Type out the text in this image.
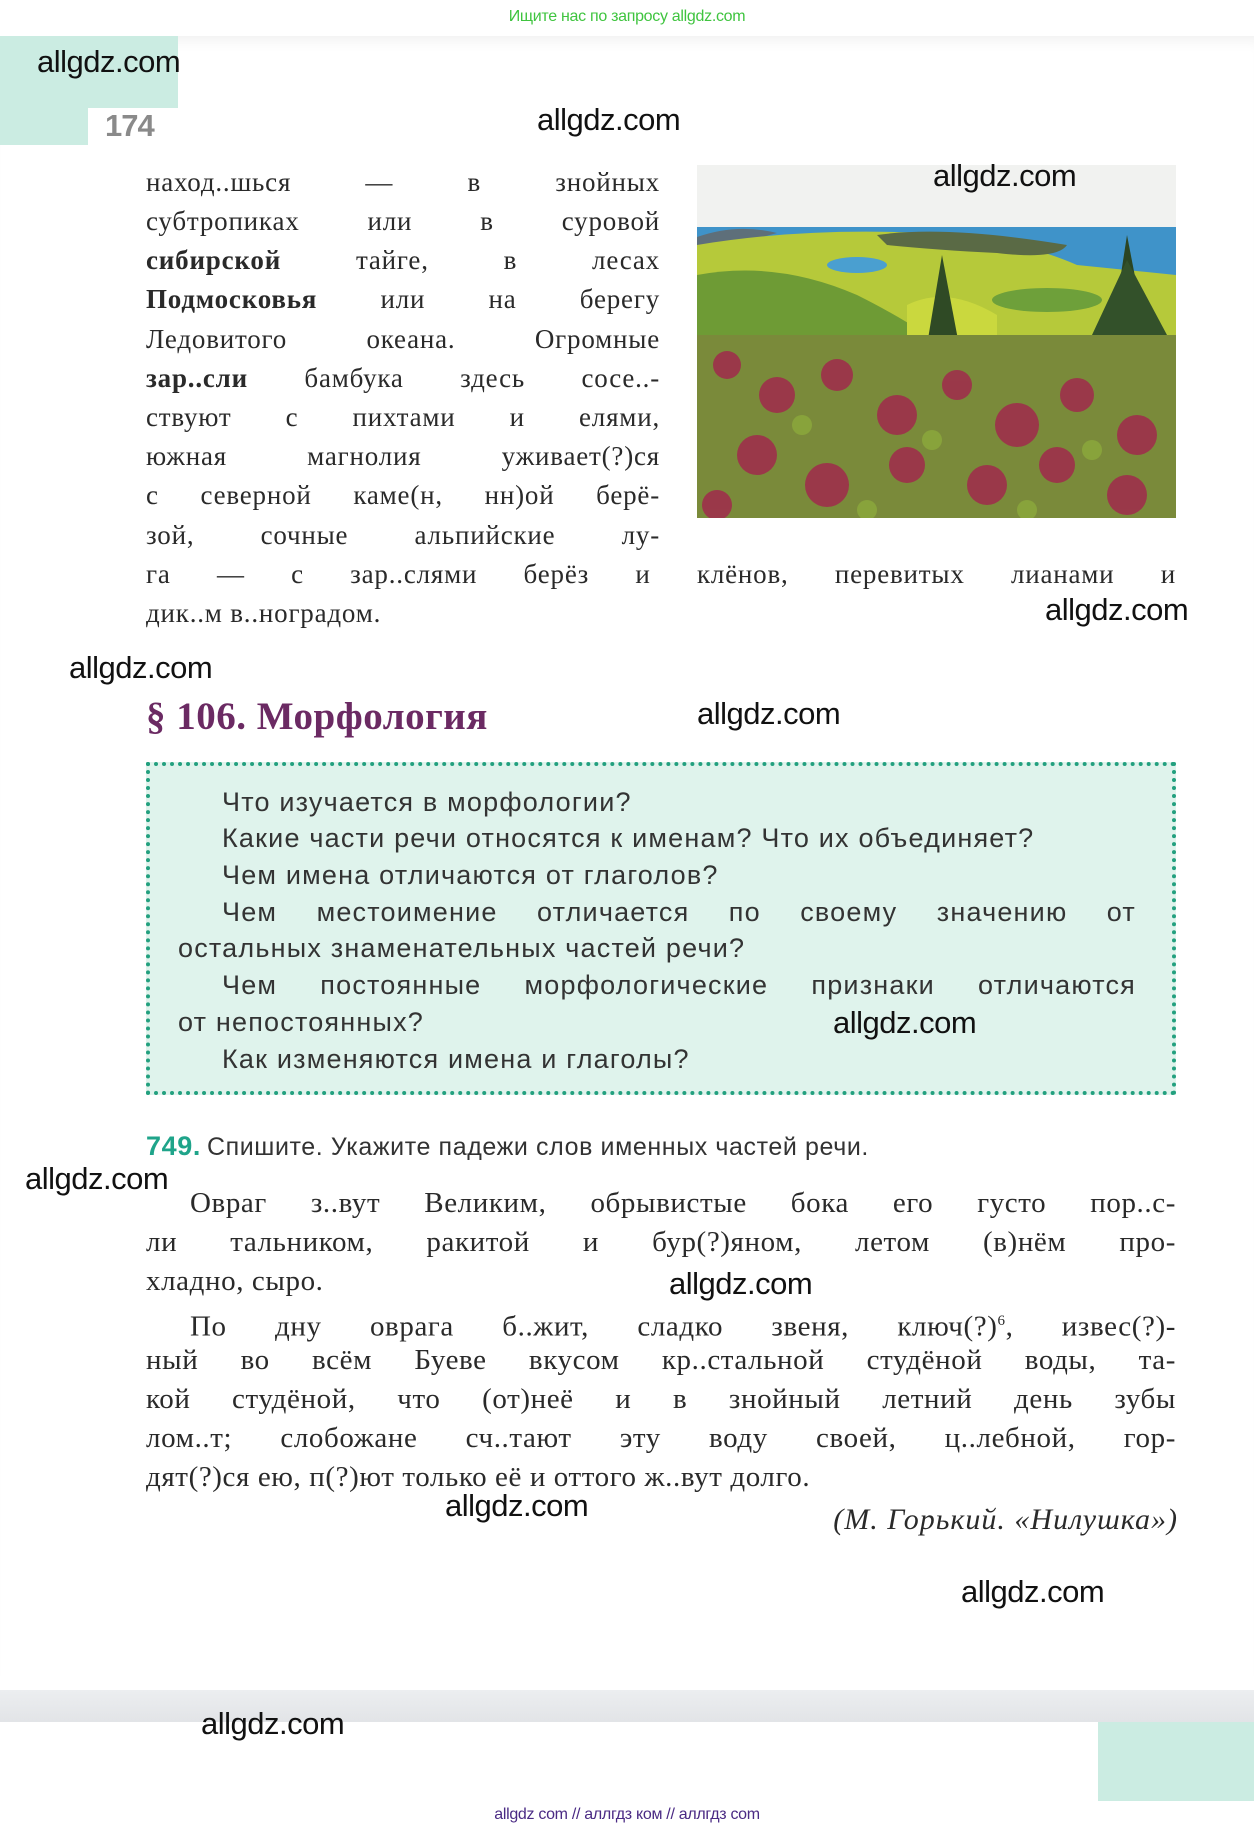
Ищите нас по запросу allgdz.com
174
наход..шься — в знойных
субтропиках или в суровой
сибирской тайге, в лесах
Подмосковья или на берегу
Ледовитого океана. Огромные
зар..сли бамбука здесь сосе..-
ствуют с пихтами и елями,
южная магнолия уживает(?)ся
с северной каме(н, нн)ой берё-
зой, сочные альпийские лу-
га — с зар..слями берёз и клёнов, перевитых лианами и
дик..м в..ноградом.
§ 106. Морфология
Что изучается в морфологии?
Какие части речи относятся к именам? Что их объединяет?
Чем имена отличаются от глаголов?
Чем местоимение отличается по своему значению от
остальных знаменательных частей речи?
Чем постоянные морфологические признаки отличаются
от непостоянных?
Как изменяются имена и глаголы?
749. Спишите. Укажите падежи слов именных частей речи.
Овраг з..вут Великим, обрывистые бока его густо пор..с-
ли тальником, ракитой и бур(?)яном, летом (в)нём про-
хладно, сыро.
По дну оврага б..жит, сладко звеня, ключ(?)$^6$, извес(?)-
ный во всём Буеве вкусом кр..стальной студёной воды, та-
кой студёной, что (от)неё и в знойный летний день зубы
лом..т; слобожане сч..тают эту воду своей, ц..лебной, гор-
дят(?)ся ею, п(?)ют только её и оттого ж..вут долго.
(М. Горький. «Нилушка»)
allgdz.com
allgdz.com
allgdz.com
allgdz.com
allgdz.com
allgdz.com
allgdz.com
allgdz.com
allgdz.com
allgdz.com
allgdz.com
allgdz.com
allgdz com // аллгдз ком // аллгдз com
